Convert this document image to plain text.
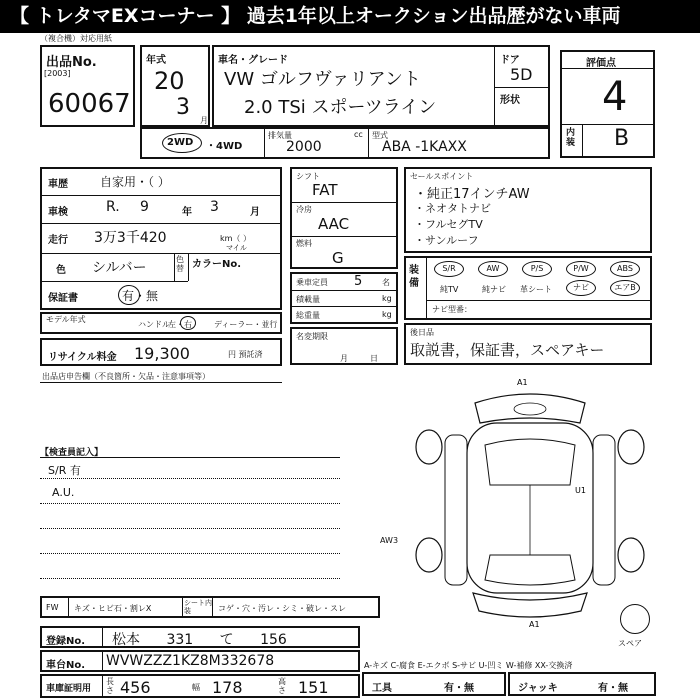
【 トレタマEXコーナー 】 過去1年以上オークション出品歴がない車両
（複合機）対応用紙
出品No.
[2003]
60067
年式
20
3
月
車名・グレード
VW ゴルフヴァリアント
2.0 TSi スポーツライン
ドア
5D
形状
評価点
4
内装 B
2WD ・4WD
排気量
2000
cc 型式
ABA -1KAXX
車歴	自家用・（ ）
車検	R. 9	年 3	月
走行 3万3千420	km（ ）
マイル
色 シルバー
色替 カラーNo.
保証書	有・無
モデル年式
ハンドル
左・右	ディーラー・並行
リサイクル料金 19,300	円 預託済
出品店申告欄（不良箇所・欠品・注意事項等）
シフト
FAT
冷房
AAC
燃料
G
乗車定員 5 名
積載量	kg
総重量	kg
名変期限
月日
セールスポイント
・純正17インチAW
・ネオタトナビ
・フルセグTV
・サンルーフ
装備
S/R	AW	P/S	P/W	ABS
純TV	純ナビ 革シート	ナビ	エアB
ナビ型番：
後日品
取説書，保証書，スペアキー
【検査員記入】
S/R 有
A.U.
A1
U1
A1
AW3
スペア
FW キズ・ヒビ石・割レX
シート内装	コゲ・穴・汚レ・シミ・破レ・スレ
登録No. 松本 331 て 156
車台No. WVWZZZ1KZ8M332678
車庫証明用
長さ 456	幅 178	高さ 151
A-キズ C-腐食 E-エクボ S-サビ U-凹ミ W-補修 XX-交換済
工具	有・無	ジャッキ	有・無
